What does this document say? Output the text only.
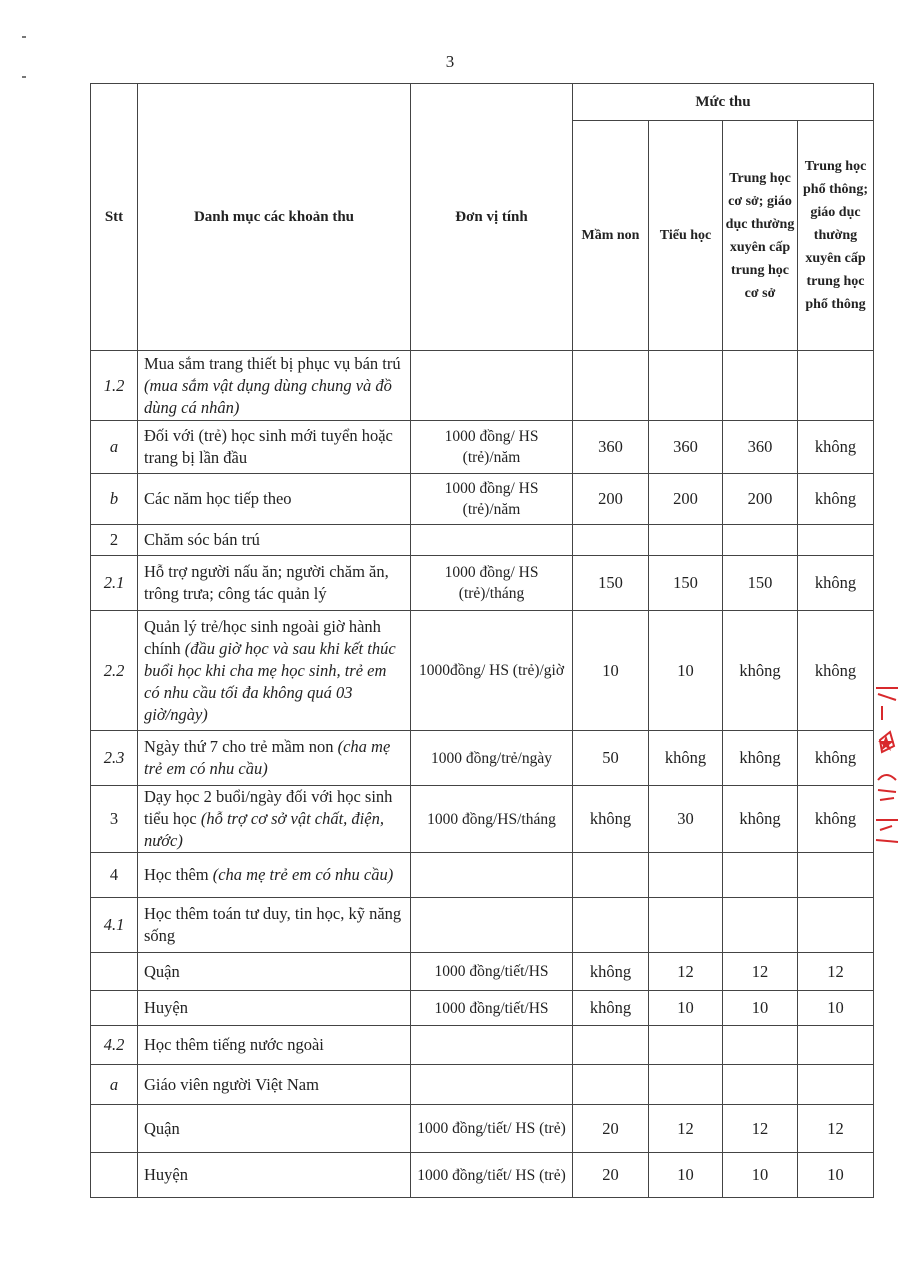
3
Stt	Danh mục các khoản thu	Đơn vị tính	Mức thu			
			Mầm non	Tiểu học	Trung học cơ sở; giáo dục thường xuyên cấp trung học cơ sở	Trung học phổ thông; giáo dục thường xuyên cấp trung học phổ thông
1.2	Mua sắm trang thiết bị phục vụ bán trú (mua sắm vật dụng dùng chung và đồ dùng cá nhân)					
a	Đối với (trẻ) học sinh mới tuyển hoặc trang bị lần đầu	1000 đồng/ HS (trẻ)/năm	360	360	360	không
b	Các năm học tiếp theo	1000 đồng/ HS (trẻ)/năm	200	200	200	không
2	Chăm sóc bán trú					
2.1	Hỗ trợ người nấu ăn; người chăm ăn, trông trưa; công tác quản lý	1000 đồng/ HS (trẻ)/tháng	150	150	150	không
2.2	Quản lý trẻ/học sinh ngoài giờ hành chính (đầu giờ học và sau khi kết thúc buổi học khi cha mẹ học sinh, trẻ em có nhu cầu tối đa không quá 03 giờ/ngày)	1000đồng/ HS (trẻ)/giờ	10	10	không	không
2.3	Ngày thứ 7 cho trẻ mầm non (cha mẹ trẻ em có nhu cầu)	1000 đồng/trẻ/ngày	50	không	không	không
3	Dạy học 2 buổi/ngày đối với học sinh tiểu học (hỗ trợ cơ sở vật chất, điện, nước)	1000 đồng/HS/tháng	không	30	không	không
4	Học thêm (cha mẹ trẻ em có nhu cầu)					
4.1	Học thêm toán tư duy, tin học, kỹ năng sống					
	Quận	1000 đồng/tiết/HS	không	12	12	12
	Huyện	1000 đồng/tiết/HS	không	10	10	10
4.2	Học thêm tiếng nước ngoài					
a	Giáo viên người Việt Nam					
	Quận	1000 đồng/tiết/ HS (trẻ)	20	12	12	12
	Huyện	1000 đồng/tiết/ HS (trẻ)	20	10	10	10
